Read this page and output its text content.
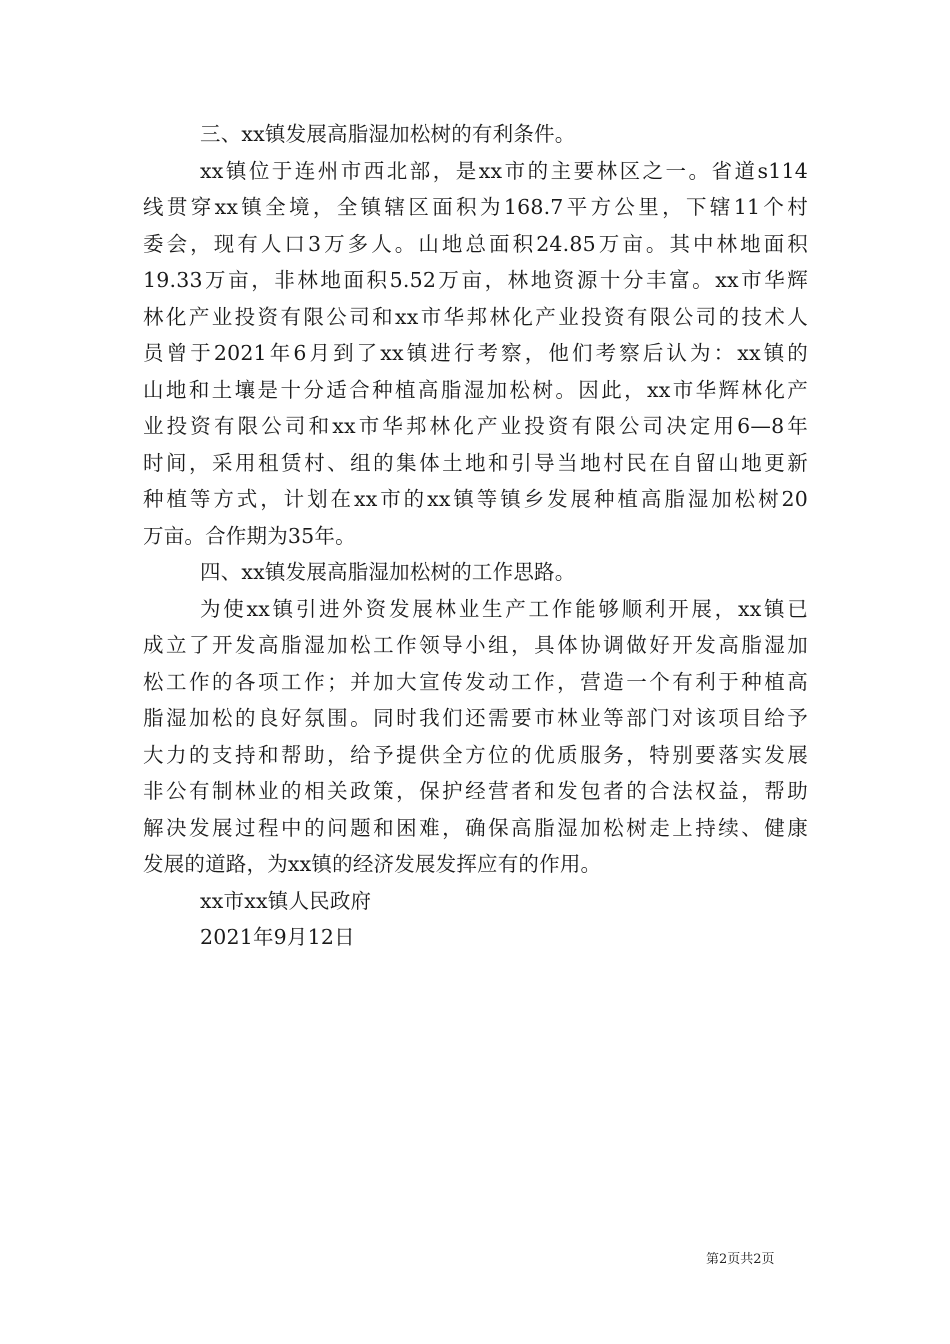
三、xx镇发展高脂湿加松树的有利条件。
xx镇位于连州市西北部，是xx市的主要林区之一。省道s114
线贯穿xx镇全境，全镇辖区面积为168.7平方公里，下辖11个村
委会，现有人口3万多人。山地总面积24.85万亩。其中林地面积
19.33万亩，非林地面积5.52万亩，林地资源十分丰富。xx市华辉
林化产业投资有限公司和xx市华邦林化产业投资有限公司的技术人
员曾于2021年6月到了xx镇进行考察，他们考察后认为：xx镇的
山地和土壤是十分适合种植高脂湿加松树。因此，xx市华辉林化产
业投资有限公司和xx市华邦林化产业投资有限公司决定用6—8年
时间，采用租赁村、组的集体土地和引导当地村民在自留山地更新
种植等方式，计划在xx市的xx镇等镇乡发展种植高脂湿加松树20
万亩。合作期为35年。
四、xx镇发展高脂湿加松树的工作思路。
为使xx镇引进外资发展林业生产工作能够顺利开展，xx镇已
成立了开发高脂湿加松工作领导小组，具体协调做好开发高脂湿加
松工作的各项工作；并加大宣传发动工作，营造一个有利于种植高
脂湿加松的良好氛围。同时我们还需要市林业等部门对该项目给予
大力的支持和帮助，给予提供全方位的优质服务，特别要落实发展
非公有制林业的相关政策，保护经营者和发包者的合法权益，帮助
解决发展过程中的问题和困难，确保高脂湿加松树走上持续、健康
发展的道路，为xx镇的经济发展发挥应有的作用。
xx市xx镇人民政府
2021年9月12日
第2页共2页
